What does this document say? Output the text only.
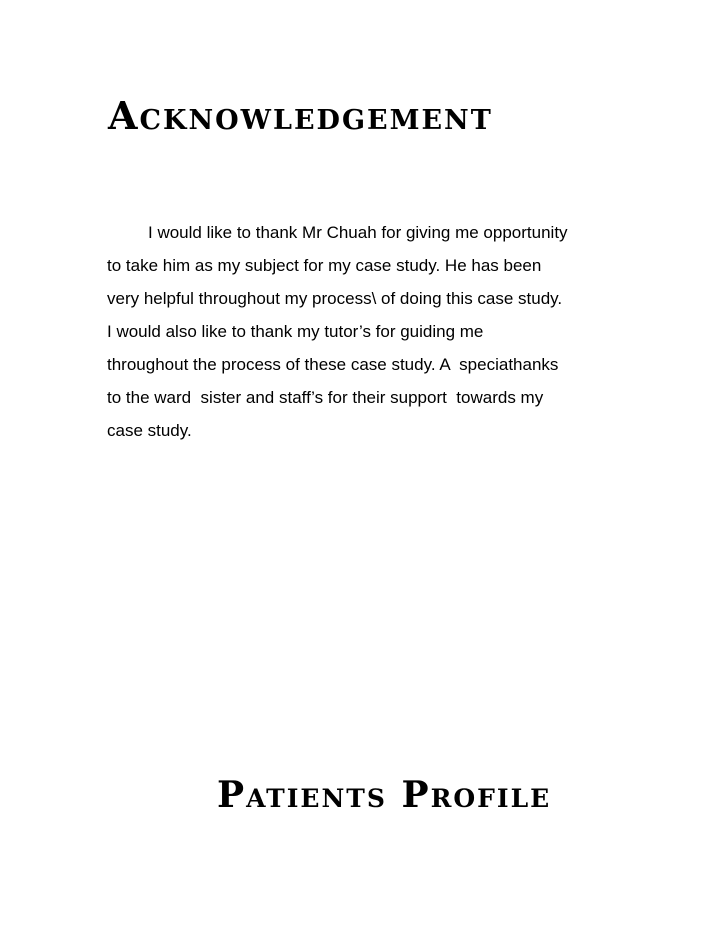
Acknowledgement
I would like to thank Mr Chuah for giving me opportunity
to take him as my subject for my case study. He has been
very helpful throughout my process\ of doing this case study.
I would also like to thank my tutor’s for guiding me
throughout the process of these case study. A  speciathanks
to the ward  sister and staff’s for their support  towards my
case study.
Patients Profile
